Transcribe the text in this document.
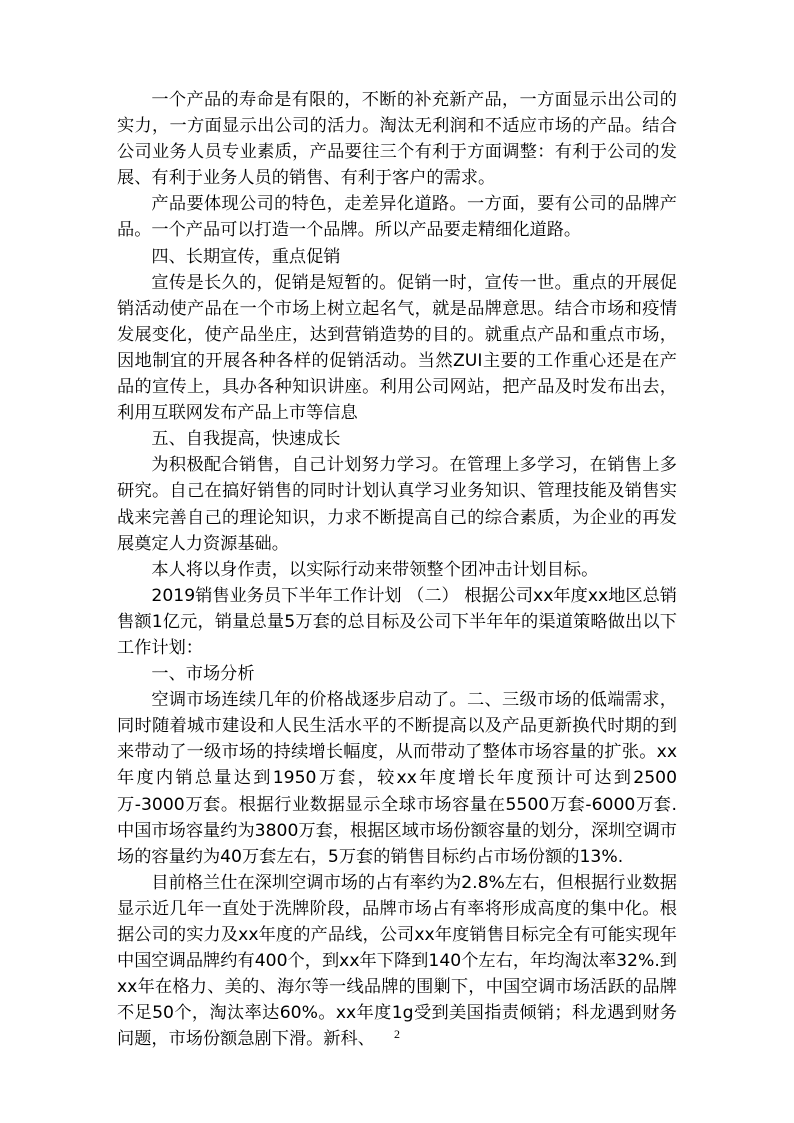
一个产品的寿命是有限的，不断的补充新产品，一方面显示出公司的实力，一方面显示出公司的活力。淘汰无利润和不适应市场的产品。结合公司业务人员专业素质，产品要往三个有利于方面调整：有利于公司的发展、有利于业务人员的销售、有利于客户的需求。

产品要体现公司的特色，走差异化道路。一方面，要有公司的品牌产品。一个产品可以打造一个品牌。所以产品要走精细化道路。

四、长期宣传，重点促销

宣传是长久的，促销是短暂的。促销一时，宣传一世。重点的开展促销活动使产品在一个市场上树立起名气，就是品牌意思。结合市场和疫情发展变化，使产品坐庄，达到营销造势的目的。就重点产品和重点市场，因地制宜的开展各种各样的促销活动。当然ZUI主要的工作重心还是在产品的宣传上，具办各种知识讲座。利用公司网站，把产品及时发布出去，利用互联网发布产品上市等信息

五、自我提高，快速成长

为积极配合销售，自己计划努力学习。在管理上多学习，在销售上多研究。自己在搞好销售的同时计划认真学习业务知识、管理技能及销售实战来完善自己的理论知识，力求不断提高自己的综合素质，为企业的再发展奠定人力资源基础。

本人将以身作责，以实际行动来带领整个团冲击计划目标。

2019销售业务员下半年工作计划 （二） 根据公司xx年度xx地区总销售额1亿元，销量总量5万套的总目标及公司下半年年的渠道策略做出以下工作计划：

一、市场分析

空调市场连续几年的价格战逐步启动了。二、三级市场的低端需求，同时随着城市建设和人民生活水平的不断提高以及产品更新换代时期的到来带动了一级市场的持续增长幅度，从而带动了整体市场容量的扩张。xx年度内销总量达到1950万套，较xx年度增长年度预计可达到2500万-3000万套。根据行业数据显示全球市场容量在5500万套-6000万套.中国市场容量约为3800万套，根据区域市场份额容量的划分，深圳空调市场的容量约为40万套左右，5万套的销售目标约占市场份额的13%.

目前格兰仕在深圳空调市场的占有率约为2.8%左右，但根据行业数据显示近几年一直处于洗牌阶段，品牌市场占有率将形成高度的集中化。根据公司的实力及xx年度的产品线，公司xx年度销售目标完全有可能实现年中国空调品牌约有400个，到xx年下降到140个左右，年均淘汰率32%.到xx年在格力、美的、海尔等一线品牌的围剿下，中国空调市场活跃的品牌不足50个，淘汰率达60%。xx年度1g受到美国指责倾销；科龙遇到财务问题，市场份额急剧下滑。新科、	2
